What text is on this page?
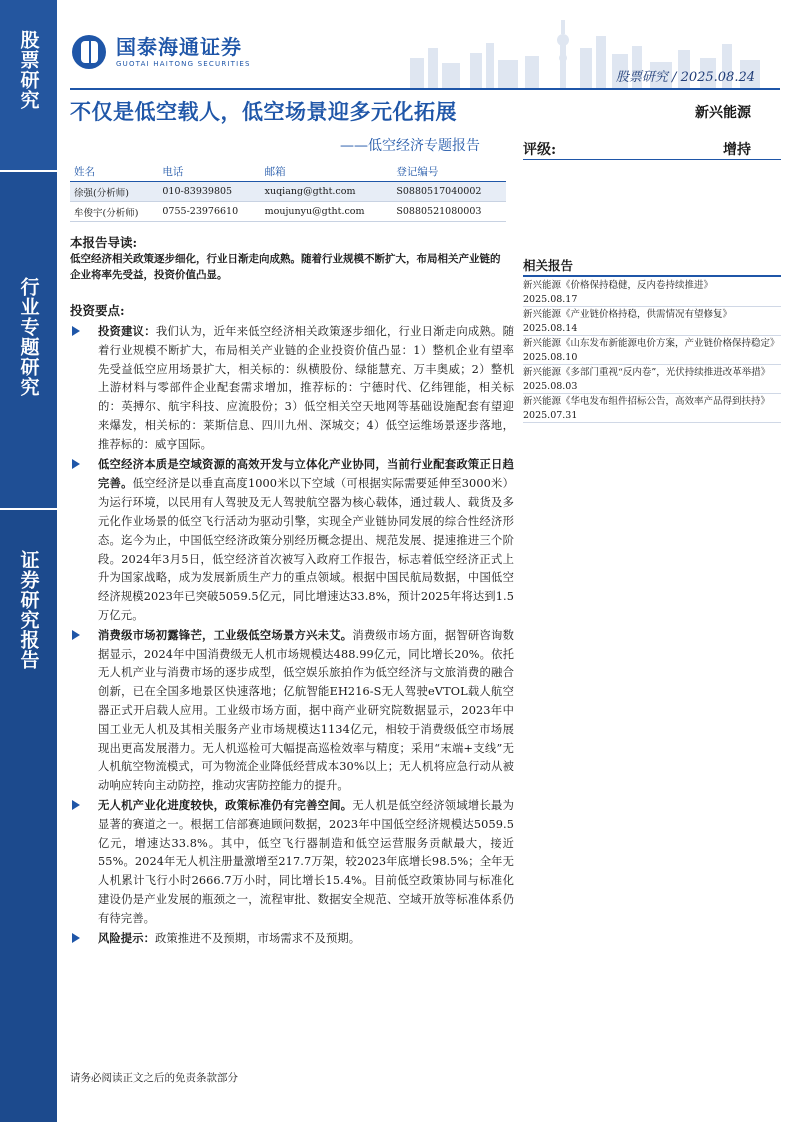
股票研究
行业专题研究
证券研究报告
国泰海通证券
GUOTAI HAITONG SECURITIES
股票研究 / 2025.08.24
不仅是低空载人，低空场景迎多元化拓展
——低空经济专题报告
新兴能源
评级:	增持
姓名	电话	邮箱	登记编号
徐强(分析师)	010-83939805	xuqiang@gtht.com	S0880517040002
牟俊宇(分析师)	0755-23976610	moujunyu@gtht.com	S0880521080003
本报告导读:
低空经济相关政策逐步细化，行业日渐走向成熟。随着行业规模不断扩大，布局相关产业链的企业将率先受益，投资价值凸显。
投资要点:
投资建议：我们认为，近年来低空经济相关政策逐步细化，行业日渐走向成熟。随着行业规模不断扩大，布局相关产业链的企业投资价值凸显：1）整机企业有望率先受益低空应用场景扩大，相关标的：纵横股份、绿能慧充、万丰奥威；2）整机上游材料与零部件企业配套需求增加，推荐标的：宁德时代、亿纬锂能，相关标的：英搏尔、航宇科技、应流股份；3）低空相关空天地网等基础设施配套有望迎来爆发，相关标的：莱斯信息、四川九州、深城交；4）低空运维场景逐步落地，推荐标的：威亨国际。
低空经济本质是空域资源的高效开发与立体化产业协同，当前行业配套政策正日趋完善。低空经济是以垂直高度1000米以下空域（可根据实际需要延伸至3000米）为运行环境，以民用有人驾驶及无人驾驶航空器为核心载体，通过载人、载货及多元化作业场景的低空飞行活动为驱动引擎，实现全产业链协同发展的综合性经济形态。迄今为止，中国低空经济政策分别经历概念提出、规范发展、提速推进三个阶段。2024年3月5日，低空经济首次被写入政府工作报告，标志着低空经济正式上升为国家战略，成为发展新质生产力的重点领域。根据中国民航局数据，中国低空经济规模2023年已突破5059.5亿元，同比增速达33.8%，预计2025年将达到1.5万亿元。
消费级市场初露锋芒，工业级低空场景方兴未艾。消费级市场方面，据智研咨询数据显示，2024年中国消费级无人机市场规模达488.99亿元，同比增长20%。依托无人机产业与消费市场的逐步成型，低空娱乐旅拍作为低空经济与文旅消费的融合创新，已在全国多地景区快速落地；亿航智能EH216-S无人驾驶eVTOL载人航空器正式开启载人应用。工业级市场方面，据中商产业研究院数据显示，2023年中国工业无人机及其相关服务产业市场规模达1134亿元，相较于消费级低空市场展现出更高发展潜力。无人机巡检可大幅提高巡检效率与精度；采用“末端+支线”无人机航空物流模式，可为物流企业降低经营成本30%以上；无人机将应急行动从被动响应转向主动防控，推动灾害防控能力的提升。
无人机产业化进度较快，政策标准仍有完善空间。无人机是低空经济领域增长最为显著的赛道之一。根据工信部赛迪顾问数据，2023年中国低空经济规模达5059.5亿元，增速达33.8%。其中，低空飞行器制造和低空运营服务贡献最大，接近55%。2024年无人机注册量激增至217.7万架，较2023年底增长98.5%；全年无人机累计飞行小时2666.7万小时，同比增长15.4%。目前低空政策协同与标准化建设仍是产业发展的瓶颈之一，流程审批、数据安全规范、空域开放等标准体系仍有待完善。
风险提示：政策推进不及预期，市场需求不及预期。
相关报告
新兴能源《价格保持稳健，反内卷持续推进》
2025.08.17
新兴能源《产业链价格持稳，供需情况有望修复》
2025.08.14
新兴能源《山东发布新能源电价方案，产业链价格保持稳定》
2025.08.10
新兴能源《多部门重视“反内卷”，光伏持续推进改革举措》
2025.08.03
新兴能源《华电发布组件招标公告，高效率产品得到扶持》
2025.07.31
请务必阅读正文之后的免责条款部分
